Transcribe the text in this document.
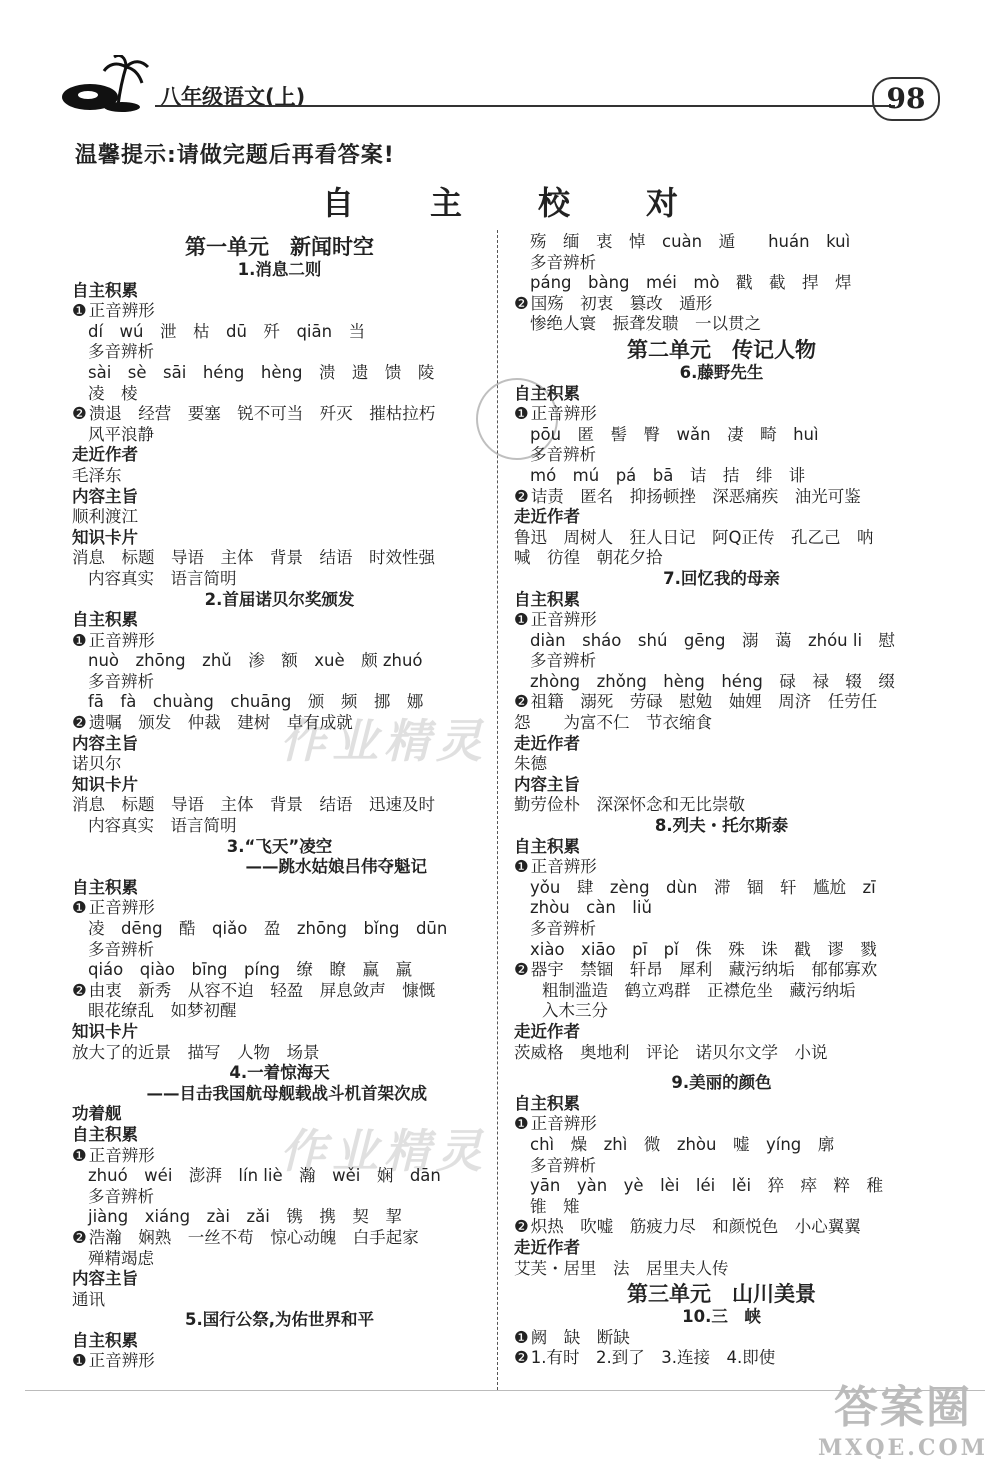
八年级语文(上)	98
温馨提示:请做完题后再看答案!
自 主 校 对
第一单元　新闻时空
1.消息二则
自主积累
❶ 正音辨形
dí　wú　泄　枯　dū　歼　qiān　当
多音辨析
sài　sè　sāi　héng　hèng　溃　遗　馈　陵
凌　棱
❷ 溃退　经营　要塞　锐不可当　歼灭　摧枯拉朽
风平浪静
走近作者
毛泽东
内容主旨
顺利渡江
知识卡片
消息　标题　导语　主体　背景　结语　时效性强
内容真实　语言简明
2.首届诺贝尔奖颁发
自主积累
❶ 正音辨形
nuò　zhōng　zhǔ　渗　额　xuè　颇 zhuó
多音辨析
fā　fà　chuàng　chuāng　颁　频　挪　娜
❷ 遗嘱　颁发　仲裁　建树　卓有成就
内容主旨
诺贝尔
知识卡片
消息　标题　导语　主体　背景　结语　迅速及时
内容真实　语言简明
3.“飞天”凌空
——跳水姑娘吕伟夺魁记
自主积累
❶ 正音辨形
凌　dēng　酷　qiǎo　盈　zhōng　bǐng　dūn
多音辨析
qiáo　qiào　bīng　píng　缭　瞭　赢　羸
❷ 由衷　新秀　从容不迫　轻盈　屏息敛声　慷慨
眼花缭乱　如梦初醒
知识卡片
放大了的近景　描写　人物　场景
4.一着惊海天
——目击我国航母舰载战斗机首架次成
功着舰
自主积累
❶ 正音辨形
zhuó　wéi　澎湃　lín liè　瀚　wěi　娴　dān
多音辨析
jiàng　xiáng　zài　zǎi　镌　携　契　挈
❷ 浩瀚　娴熟　一丝不苟　惊心动魄　白手起家
殚精竭虑
内容主旨
通讯
5.国行公祭,为佑世界和平
自主积累
❶ 正音辨形
殇　缅　衷　悼　cuàn　遁　　huán　kuì
多音辨析
páng　bàng　méi　mò　戳　截　捍　焊
❷ 国殇　初衷　篡改　遁形
惨绝人寰　振聋发聩　一以贯之
第二单元　传记人物
6.藤野先生
自主积累
❶ 正音辨形
pōu　匿　髻　臀　wǎn　凄　畸　huì
多音辨析
mó　mú　pá　bā　诘　拮　绯　诽
❷ 诘责　匿名　抑扬顿挫　深恶痛疾　油光可鉴
走近作者
鲁迅　周树人　狂人日记　阿Q正传　孔乙己　呐
喊　彷徨　朝花夕拾
7.回忆我的母亲
自主积累
❶ 正音辨形
diàn　sháo　shú　gēng　溺　蔼　zhóu li　慰
多音辨析
zhòng　zhǒng　hèng　héng　碌　禄　辍　缀
❷ 祖籍　溺死　劳碌　慰勉　妯娌　周济　任劳任
怨　　为富不仁　节衣缩食
走近作者
朱德
内容主旨
勤劳俭朴　深深怀念和无比崇敬
8.列夫・托尔斯泰
自主积累
❶ 正音辨形
yǒu　肆　zèng　dùn　滞　锢　轩　尴尬　zī
zhòu　càn　liǔ
多音辨析
xiào　xiāo　pī　pǐ　侏　殊　诛　戳　谬　戮
❷ 器宇　禁锢　轩昂　犀利　藏污纳垢　郁郁寡欢
粗制滥造　鹤立鸡群　正襟危坐　藏污纳垢
入木三分
走近作者
茨威格　奥地利　评论　诺贝尔文学　小说
9.美丽的颜色
自主积累
❶ 正音辨形
chì　燥　zhì　微　zhòu　嘘　yíng　廓
多音辨析
yān　yàn　yè　lèi　léi　lěi　猝　瘁　粹　稚
锥　雉
❷ 炽热　吹嘘　筋疲力尽　和颜悦色　小心翼翼
走近作者
艾芙・居里　法　居里夫人传
第三单元　山川美景
10.三　峡
❶ 阙　缺　断缺
❷ 1.有时　2.到了　3.连接　4.即使
作业精灵
作业精灵
答案圈
MXQE.COM
